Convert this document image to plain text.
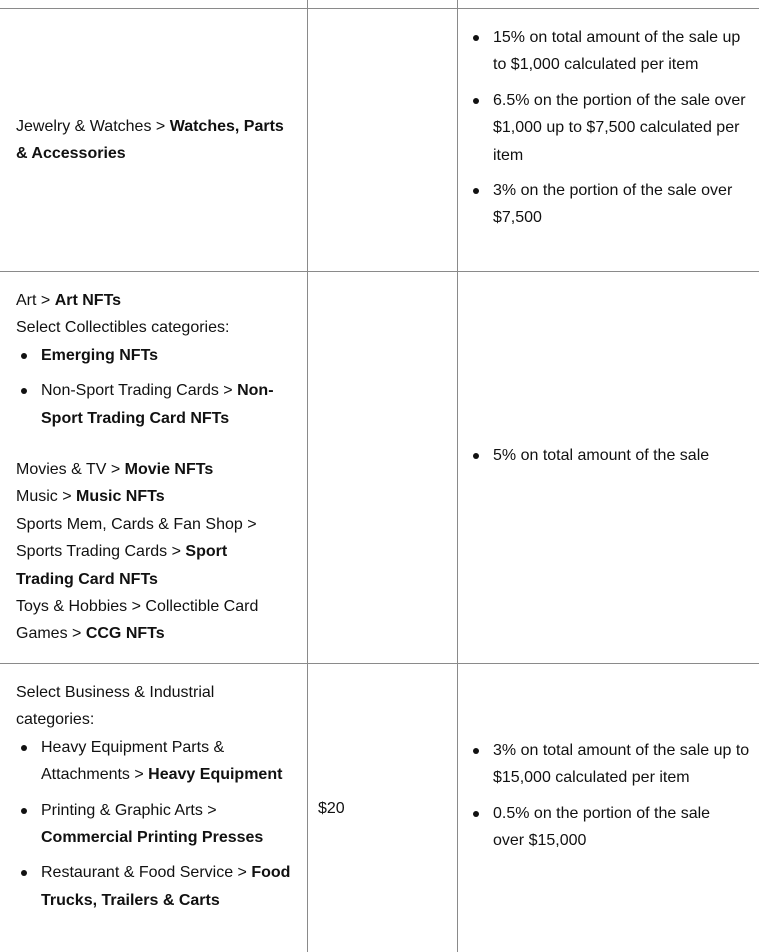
Jewelry & Watches > Watches, Parts & Accessories
15% on total amount of the sale up to $1,000 calculated per item
6.5% on the portion of the sale over $1,000 up to $7,500 calculated per item
3% on the portion of the sale over $7,500
Art > Art NFTs
Select Collectibles categories:
Emerging NFTs
Non-Sport Trading Cards > Non-Sport Trading Card NFTs
Movies & TV > Movie NFTs
Music > Music NFTs
Sports Mem, Cards & Fan Shop > Sports Trading Cards > Sport Trading Card NFTs
Toys & Hobbies > Collectible Card Games > CCG NFTs
5% on total amount of the sale
Select Business & Industrial categories:
Heavy Equipment Parts & Attachments > Heavy Equipment
Printing & Graphic Arts > Commercial Printing Presses
Restaurant & Food Service > Food Trucks, Trailers & Carts
$20
3% on total amount of the sale up to $15,000 calculated per item
0.5% on the portion of the sale over $15,000
